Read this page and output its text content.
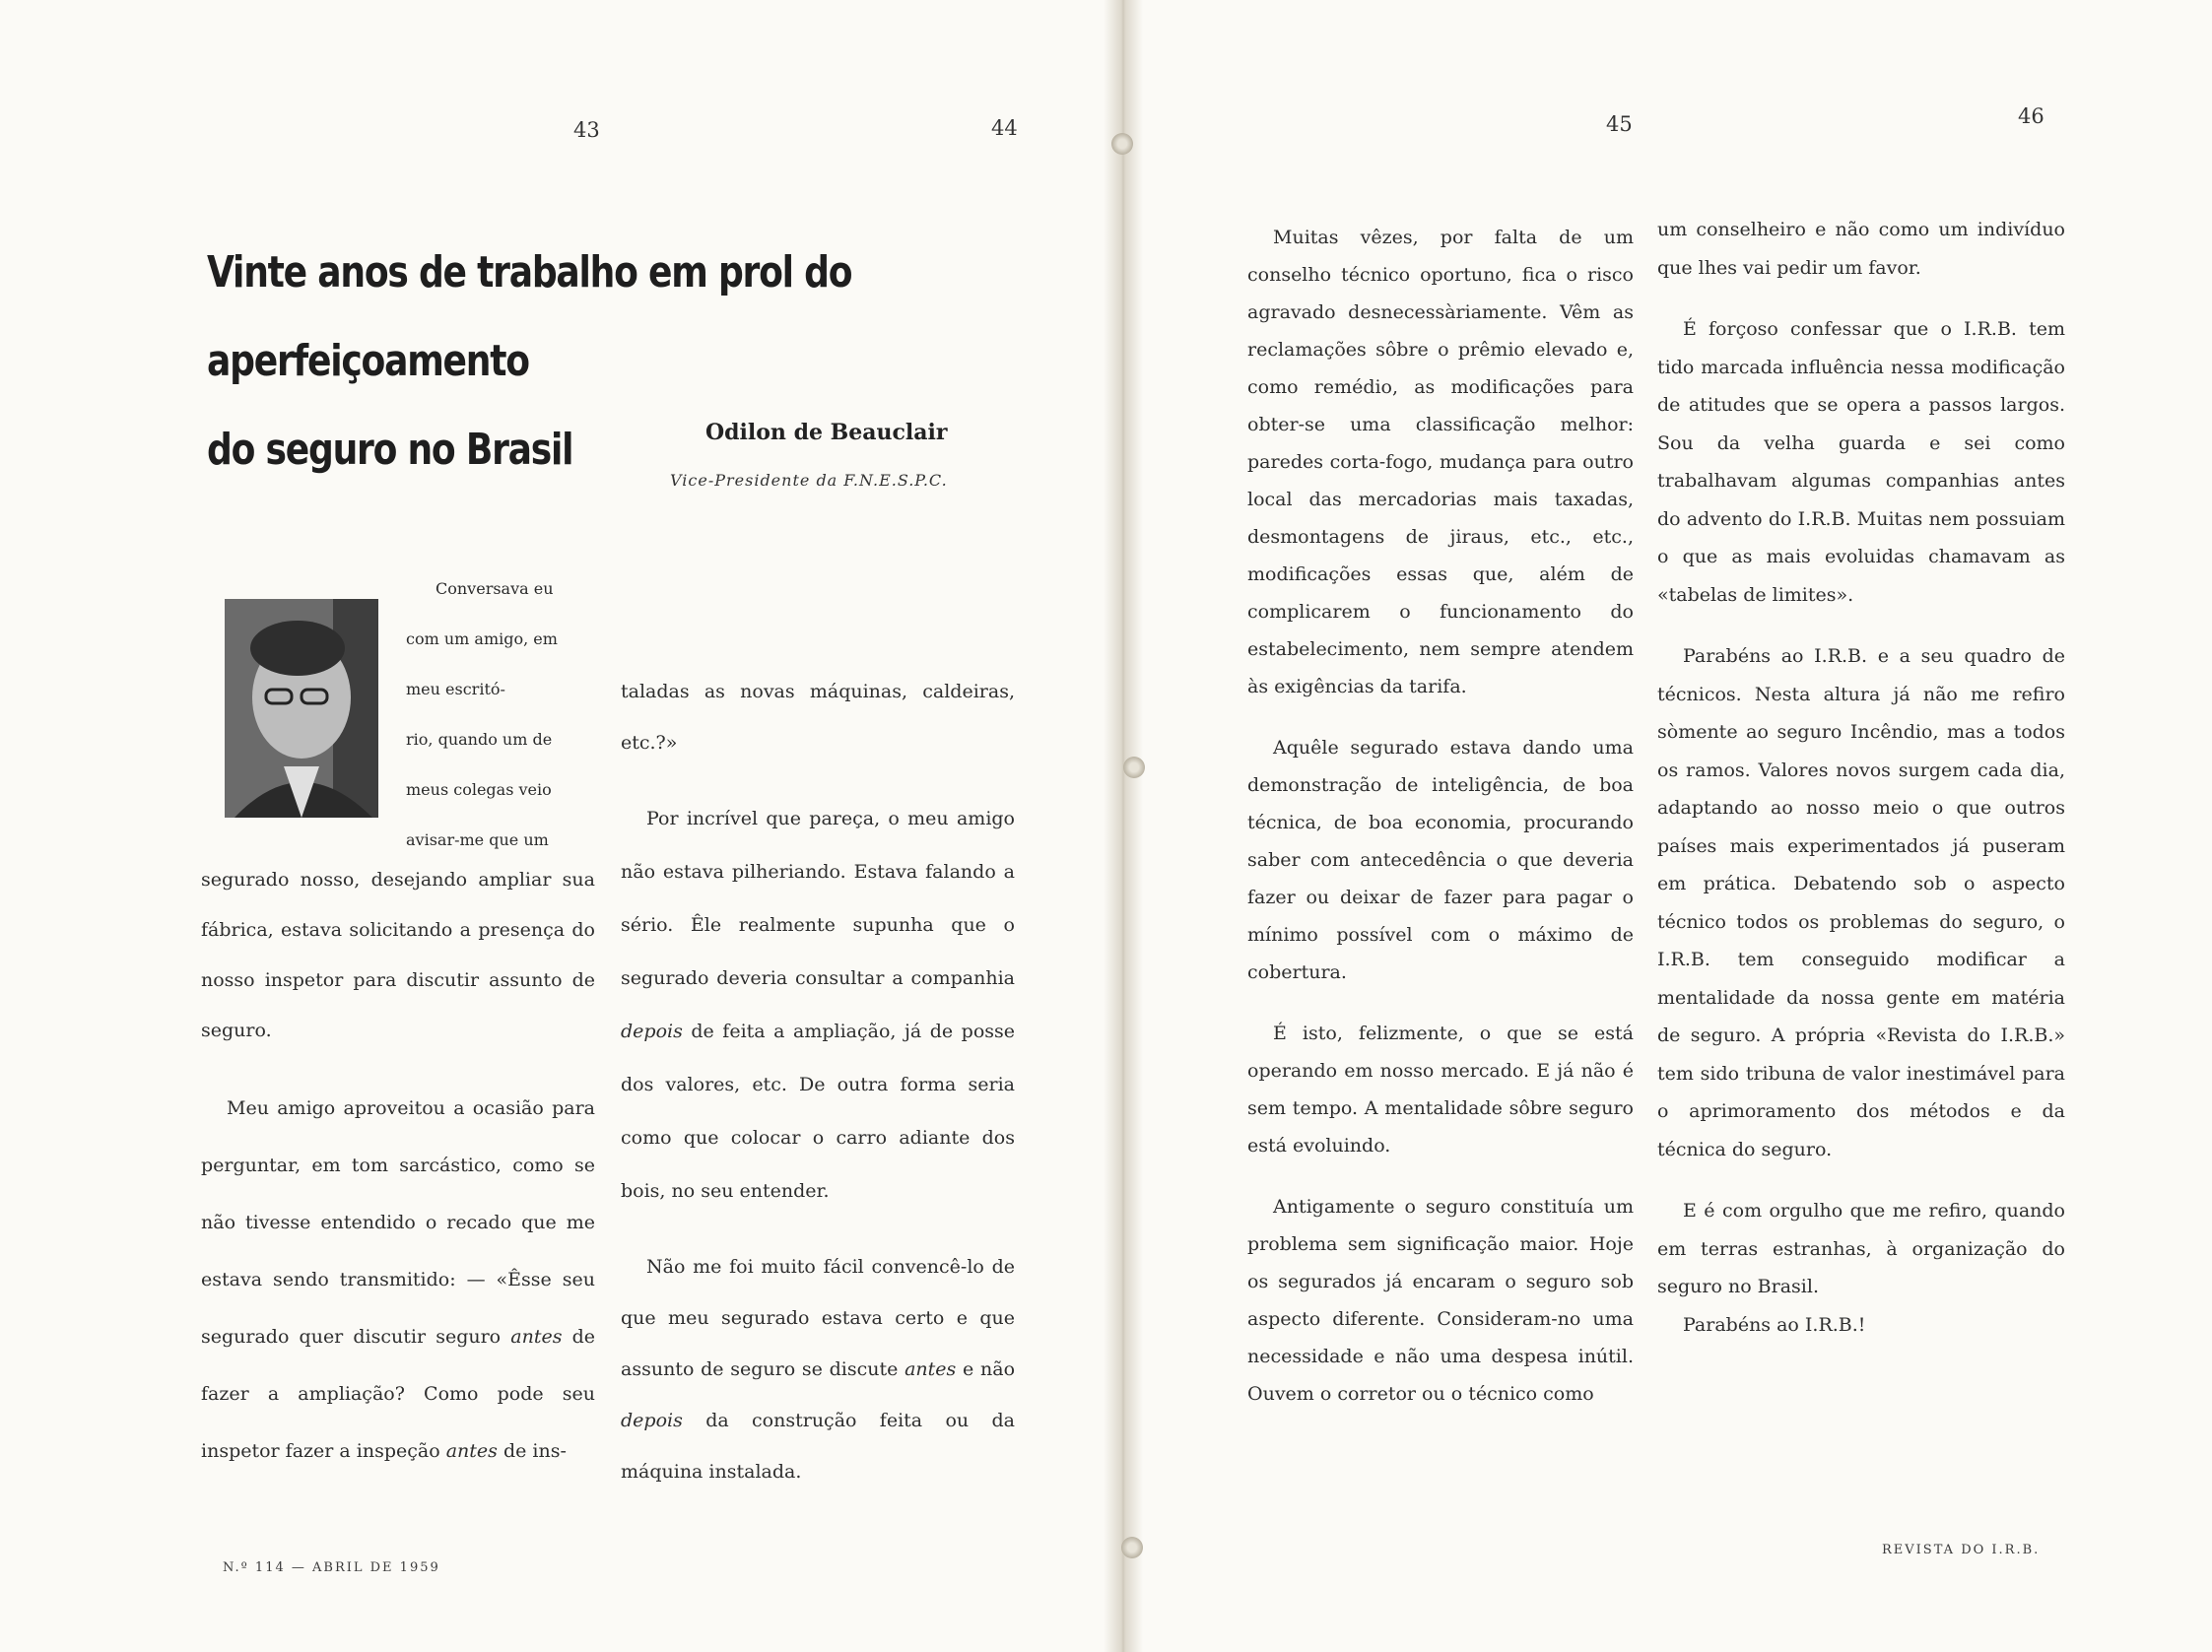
43	44	45	46
Vinte anos de trabalho em prol do aperfeiçoamento
do seguro no Brasil	Odilon de Beauclair
Vice-Presidente da F.N.E.S.P.C.
Conversava eu
com um amigo, em
meu escritó-
rio, quando um de
meus colegas veio
avisar-me que um

segurado nosso, desejando ampliar sua fábrica, estava solicitando a presença do nosso inspetor para discutir assunto de seguro.

Meu amigo aproveitou a ocasião para perguntar, em tom sarcástico, como se não tivesse entendido o recado que me estava sendo transmitido: — «Êsse seu segurado quer discutir seguro antes de fazer a ampliação? Como pode seu inspetor fazer a inspeção antes de ins-

taladas as novas máquinas, caldeiras, etc.?»

Por incrível que pareça, o meu amigo não estava pilheriando. Estava falando a sério. Êle realmente supunha que o segurado deveria consultar a companhia depois de feita a ampliação, já de posse dos valores, etc. De outra forma seria como que colocar o carro adiante dos bois, no seu entender.

Não me foi muito fácil convencê-lo de que meu segurado estava certo e que assunto de seguro se discute antes e não depois da construção feita ou da máquina instalada.

Muitas vêzes, por falta de um conselho técnico oportuno, fica o risco agravado desnecessàriamente. Vêm as reclamações sôbre o prêmio elevado e, como remédio, as modificações para obter-se uma classificação melhor: paredes corta-fogo, mudança para outro local das mercadorias mais taxadas, desmontagens de jiraus, etc., etc., modificações essas que, além de complicarem o funcionamento do estabelecimento, nem sempre atendem às exigências da tarifa.

Aquêle segurado estava dando uma demonstração de inteligência, de boa técnica, de boa economia, procurando saber com antecedência o que deveria fazer ou deixar de fazer para pagar o mínimo possível com o máximo de cobertura.

É isto, felizmente, o que se está operando em nosso mercado. E já não é sem tempo. A mentalidade sôbre seguro está evoluindo.

Antigamente o seguro constituía um problema sem significação maior. Hoje os segurados já encaram o seguro sob aspecto diferente. Consideram-no uma necessidade e não uma despesa inútil. Ouvem o corretor ou o técnico como

um conselheiro e não como um indivíduo que lhes vai pedir um favor.

É forçoso confessar que o I.R.B. tem tido marcada influência nessa modificação de atitudes que se opera a passos largos. Sou da velha guarda e sei como trabalhavam algumas companhias antes do advento do I.R.B. Muitas nem possuiam o que as mais evoluidas chamavam as «tabelas de limites».

Parabéns ao I.R.B. e a seu quadro de técnicos. Nesta altura já não me refiro sòmente ao seguro Incêndio, mas a todos os ramos. Valores novos surgem cada dia, adaptando ao nosso meio o que outros países mais experimentados já puseram em prática. Debatendo sob o aspecto técnico todos os problemas do seguro, o I.R.B. tem conseguido modificar a mentalidade da nossa gente em matéria de seguro. A própria «Revista do I.R.B.» tem sido tribuna de valor inestimável para o aprimoramento dos métodos e da técnica do seguro.

E é com orgulho que me refiro, quando em terras estranhas, à organização do seguro no Brasil.

Parabéns ao I.R.B.!

N.º 114 — ABRIL DE 1959
REVISTA DO I.R.B.
